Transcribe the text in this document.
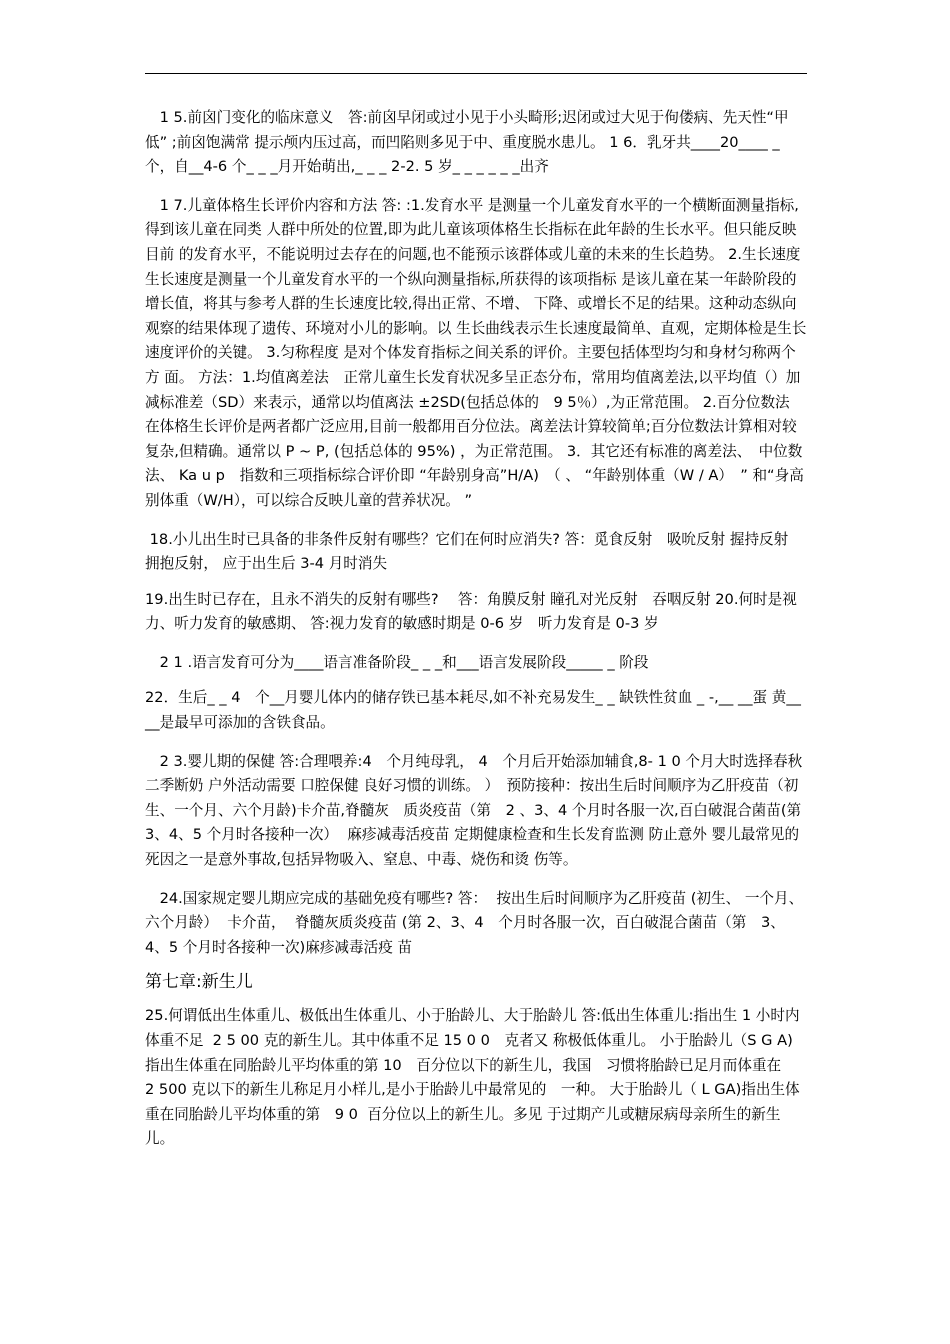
　1 5.前囟门变化的临床意义　答:前囟早闭或过小见于小头畸形;迟闭或过大见于佝偻病、先天性“甲低” ;前囟饱满常 提示颅内压过高，而凹陷则多见于中、重度脱水患儿。 1 6．乳牙共____20____ _ 个，自__4-6 个_ _ _月开始萌出,_ _ _ 2-2. 5 岁_ _ _ _ _ _出齐

　1 7.儿童体格生长评价内容和方法 答: :1.发育水平 是测量一个儿童发育水平的一个横断面测量指标,得到该儿童在同类 人群中所处的位置,即为此儿童该项体格生长指标在此年龄的生长水平。但只能反映目前 的发育水平，不能说明过去存在的问题,也不能预示该群体或儿童的未来的生长趋势。 2.生长速度 生长速度是测量一个儿童发育水平的一个纵向测量指标,所获得的该项指标 是该儿童在某一年龄阶段的增长值，将其与参考人群的生长速度比较,得出正常、不增、 下降、或增长不足的结果。这种动态纵向观察的结果体现了遗传、环境对小儿的影响。以 生长曲线表示生长速度最简单、直观，定期体检是生长速度评价的关键。 3.匀称程度 是对个体发育指标之间关系的评价。主要包括体型均匀和身材匀称两个方 面。 方法：1.均值离差法　正常儿童生长发育状况多呈正态分布，常用均值离差法,以平均值（）加减标准差（SD）来表示，通常以均值离法 ±2SD(包括总体的　9 5％）,为正常范围。 2.百分位数法 在体格生长评价是两者都广泛应用,目前一般都用百分位法。离差法计算较简单;百分位数法计算相对较复杂,但精确。通常以 P ~ P, (包括总体的 95%) ，为正常范围。 3．其它还有标准的离差法、　中位数法、 Ka u p　指数和三项指标综合评价即 “年龄别身高”H/A)　（ 、 “年龄别体重（W / A）　” 和“身高别体重（W/H），可以综合反映儿童的营养状况。 ”

18.小儿出生时已具备的非条件反射有哪些？它们在何时应消失? 答：觅食反射　吸吮反射 握持反射 拥抱反射， 应于出生后 3-4 月时消失

19.出生时已存在，且永不消失的反射有哪些?　 答：角膜反射 瞳孔对光反射　吞咽反射 20.何时是视力、听力发育的敏感期、 答:视力发育的敏感时期是 0-6 岁　听力发育是 0-3 岁

　2 1 .语言发育可分为____语言准备阶段_ _ _和___语言发展阶段_____ _ 阶段

22．生后_ _ 4　个__月婴儿体内的储存铁已基本耗尽,如不补充易发生_ _ 缺铁性贫血 _ -,__ __蛋 黄____是最早可添加的含铁食品。

　2 3.婴儿期的保健 答:合理喂养:4　个月纯母乳， 4　个月后开始添加辅食,8- 1 0 个月大时选择春秋二季断奶 户外活动需要 口腔保健 良好习惯的训练。 ）　预防接种：按出生后时间顺序为乙肝疫苗（初生、一个月、六个月龄)卡介苗,脊髓灰　质炎疫苗（第　2 、3、4 个月时各服一次,百白破混合菌苗(第 3、4、5 个月时各接种一次）  麻疹减毒活疫苗 定期健康检查和生长发育监测 防止意外 婴儿最常见的死因之一是意外事故,包括异物吸入、窒息、中毒、烧伤和烫 伤等。

　24.国家规定婴儿期应完成的基础免疫有哪些? 答：  按出生后时间顺序为乙肝疫苗 (初生、 一个月、 六个月龄）  卡介苗，  脊髓灰质炎疫苗 (第 2、3、4　个月时各服一次，百白破混合菌苗（第　3、4、5 个月时各接种一次)麻疹减毒活疫 苗

第七章:新生儿

25.何谓低出生体重儿、极低出生体重儿、小于胎龄儿、大于胎龄儿 答:低出生体重儿:指出生 1 小时内体重不足  2 5 00 克的新生儿。其中体重不足 15 0 0　克者又 称极低体重儿。 小于胎龄儿（S G A)指出生体重在同胎龄儿平均体重的第 10　百分位以下的新生儿，我国　习惯将胎龄已足月而体重在　 2 500 克以下的新生儿称足月小样儿,是小于胎龄儿中最常见的　一种。 大于胎龄儿（ L GA)指出生体重在同胎龄儿平均体重的第　9 0  百分位以上的新生儿。多见 于过期产儿或糖尿病母亲所生的新生儿。
